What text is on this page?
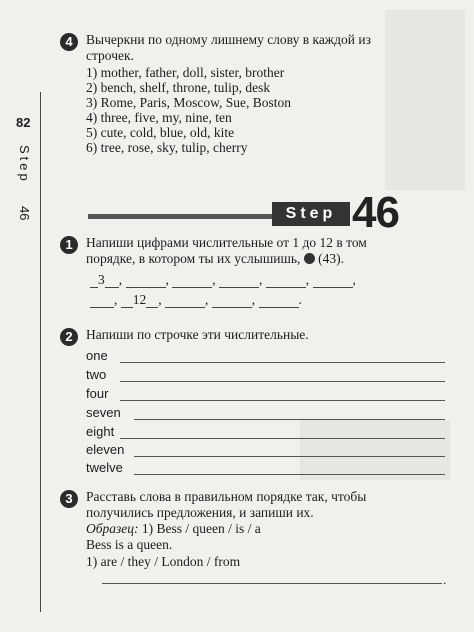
82
Step
46
4 Вычеркни по одному лишнему слову в каждой из
строчек.
1) mother, father, doll, sister, brother
2) bench, shelf, throne, tulip, desk
3) Rome, Paris, Moscow, Sue, Boston
4) three, five, my, nine, ten
5) cute, cold, blue, old, kite
6) tree, rose, sky, tulip, cherry
Step 46
1 Напиши цифрами числительные от 1 до 12 в том
порядке, в котором ты их услышишь, (43).
3 ,	,	,	,	,	,
, 12 ,	,	,	.
2 Напиши по строчке эти числительные.
one
two
four
seven
eight
eleven
twelve
3 Расставь слова в правильном порядке так, чтобы
получились предложения, и запиши их.
Образец: 1) Bess / queen / is / a
Bess is a queen.
1) are / they / London / from
.
